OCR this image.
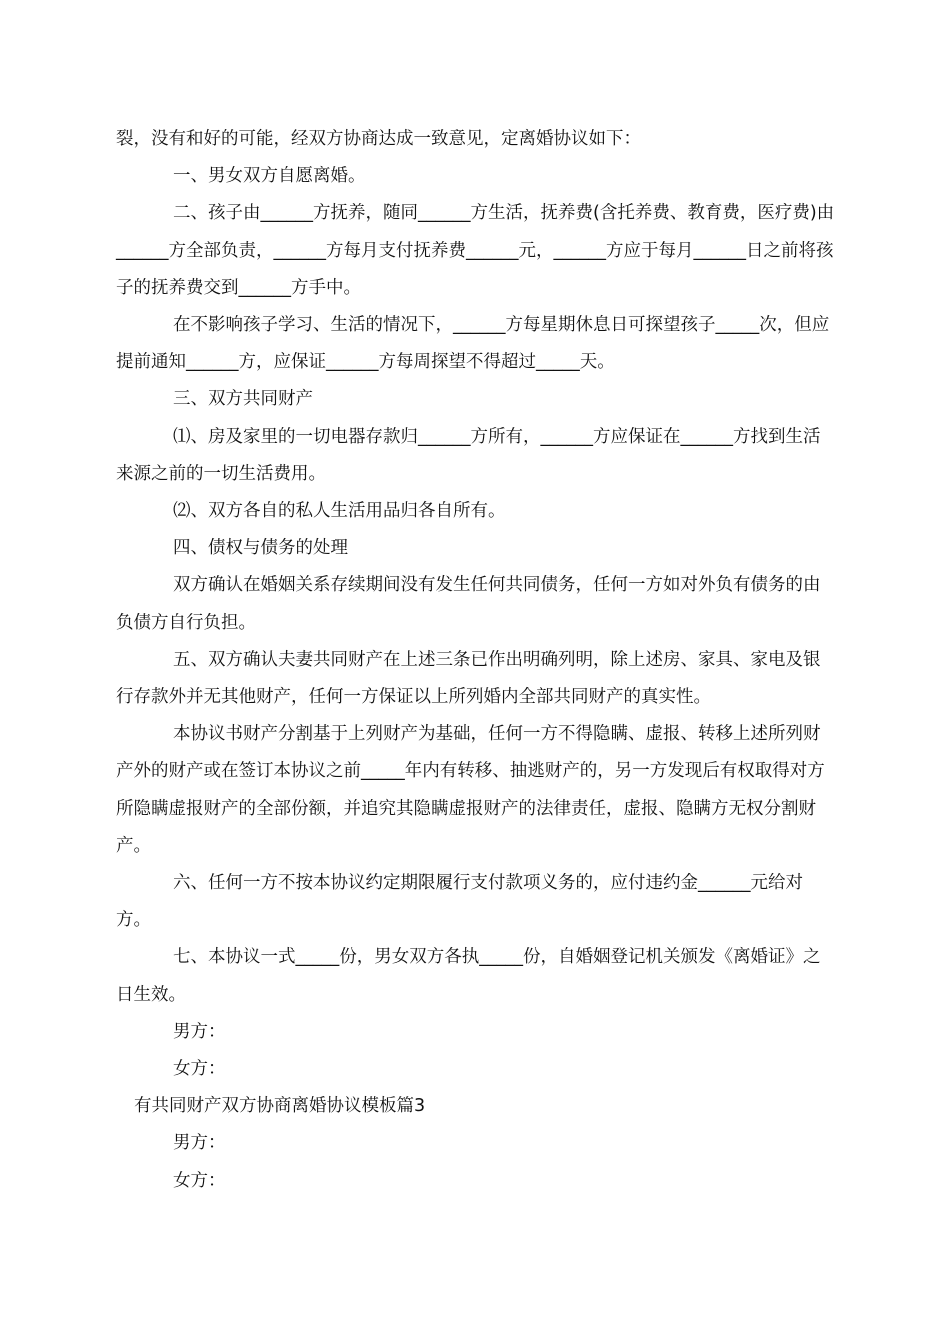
裂，没有和好的可能，经双方协商达成一致意见，定离婚协议如下：

一、男女双方自愿离婚。

二、孩子由______方抚养，随同______方生活，抚养费(含托养费、教育费，医疗费)由______方全部负责，______方每月支付抚养费______元，______方应于每月______日之前将孩子的抚养费交到______方手中。

在不影响孩子学习、生活的情况下，______方每星期休息日可探望孩子_____次，但应提前通知______方，应保证______方每周探望不得超过_____天。

三、双方共同财产

⑴、房及家里的一切电器存款归______方所有，______方应保证在______方找到生活来源之前的一切生活费用。

⑵、双方各自的私人生活用品归各自所有。

四、债权与债务的处理

双方确认在婚姻关系存续期间没有发生任何共同债务，任何一方如对外负有债务的由负债方自行负担。

五、双方确认夫妻共同财产在上述三条已作出明确列明，除上述房、家具、家电及银行存款外并无其他财产，任何一方保证以上所列婚内全部共同财产的真实性。

本协议书财产分割基于上列财产为基础，任何一方不得隐瞒、虚报、转移上述所列财产外的财产或在签订本协议之前_____年内有转移、抽逃财产的，另一方发现后有权取得对方所隐瞒虚报财产的全部份额，并追究其隐瞒虚报财产的法律责任，虚报、隐瞒方无权分割财产。

六、任何一方不按本协议约定期限履行支付款项义务的，应付违约金______元给对方。

七、本协议一式_____份，男女双方各执_____份，自婚姻登记机关颁发《离婚证》之日生效。

男方：

女方：

有共同财产双方协商离婚协议模板篇3

男方：

女方：
